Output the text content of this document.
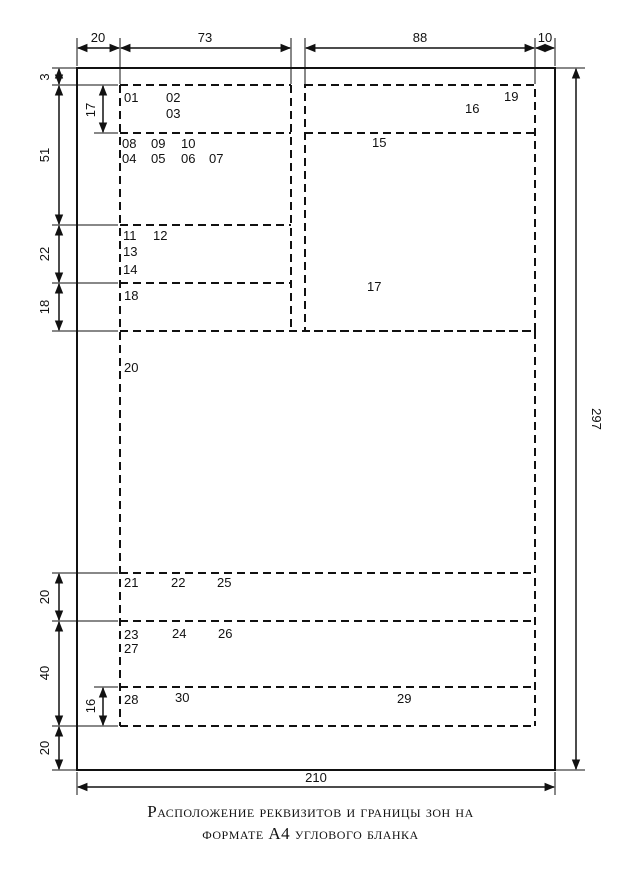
20	73	88	10
3
51
22
18
17
20
40
20
16
210
297
01 02
03
08 09 10
04 05 06 07
11 12
13
14
18
19
16
15
17
20
21	22 25
23	24 26
27
28	30	29
Расположение реквизитов и границы зон на
формате А4 углового бланка
